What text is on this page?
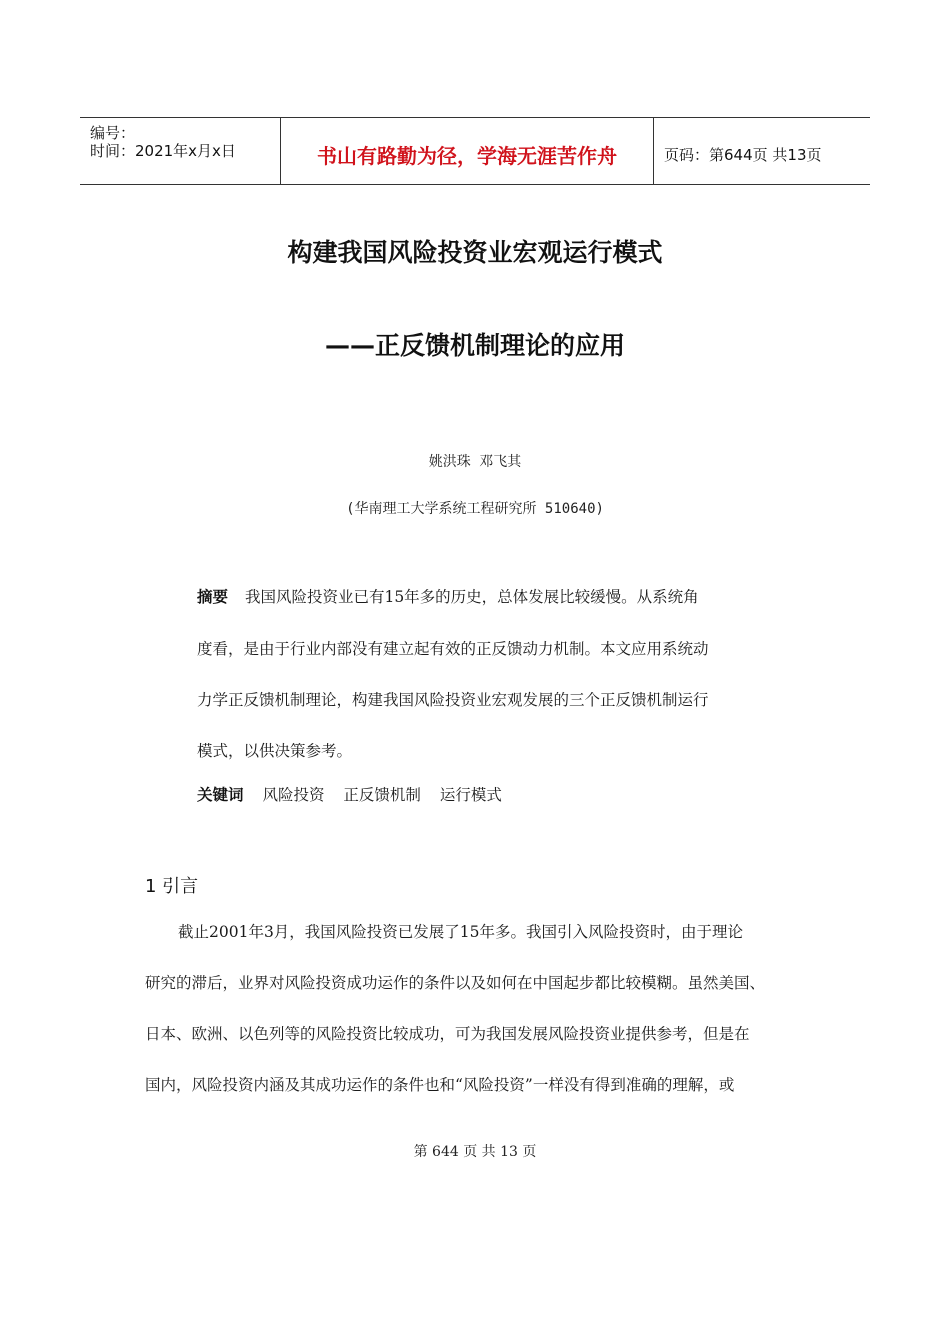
编号：
时间：2021年x月x日	书山有路勤为径，学海无涯苦作舟	页码：第644页 共13页
构建我国风险投资业宏观运行模式
——正反馈机制理论的应用
姚洪珠 邓飞其
(华南理工大学系统工程研究所 510640)
摘要 我国风险投资业已有15年多的历史，总体发展比较缓慢。从系统角
度看，是由于行业内部没有建立起有效的正反馈动力机制。本文应用系统动
力学正反馈机制理论，构建我国风险投资业宏观发展的三个正反馈机制运行
模式，以供决策参考。
关键词 风险投资 正反馈机制 运行模式
1 引言
截止2001年3月，我国风险投资已发展了15年多。我国引入风险投资时，由于理论
研究的滞后，业界对风险投资成功运作的条件以及如何在中国起步都比较模糊。虽然美国、
日本、欧洲、以色列等的风险投资比较成功，可为我国发展风险投资业提供参考，但是在
国内，风险投资内涵及其成功运作的条件也和“风险投资”一样没有得到准确的理解，或
第 644 页 共 13 页
